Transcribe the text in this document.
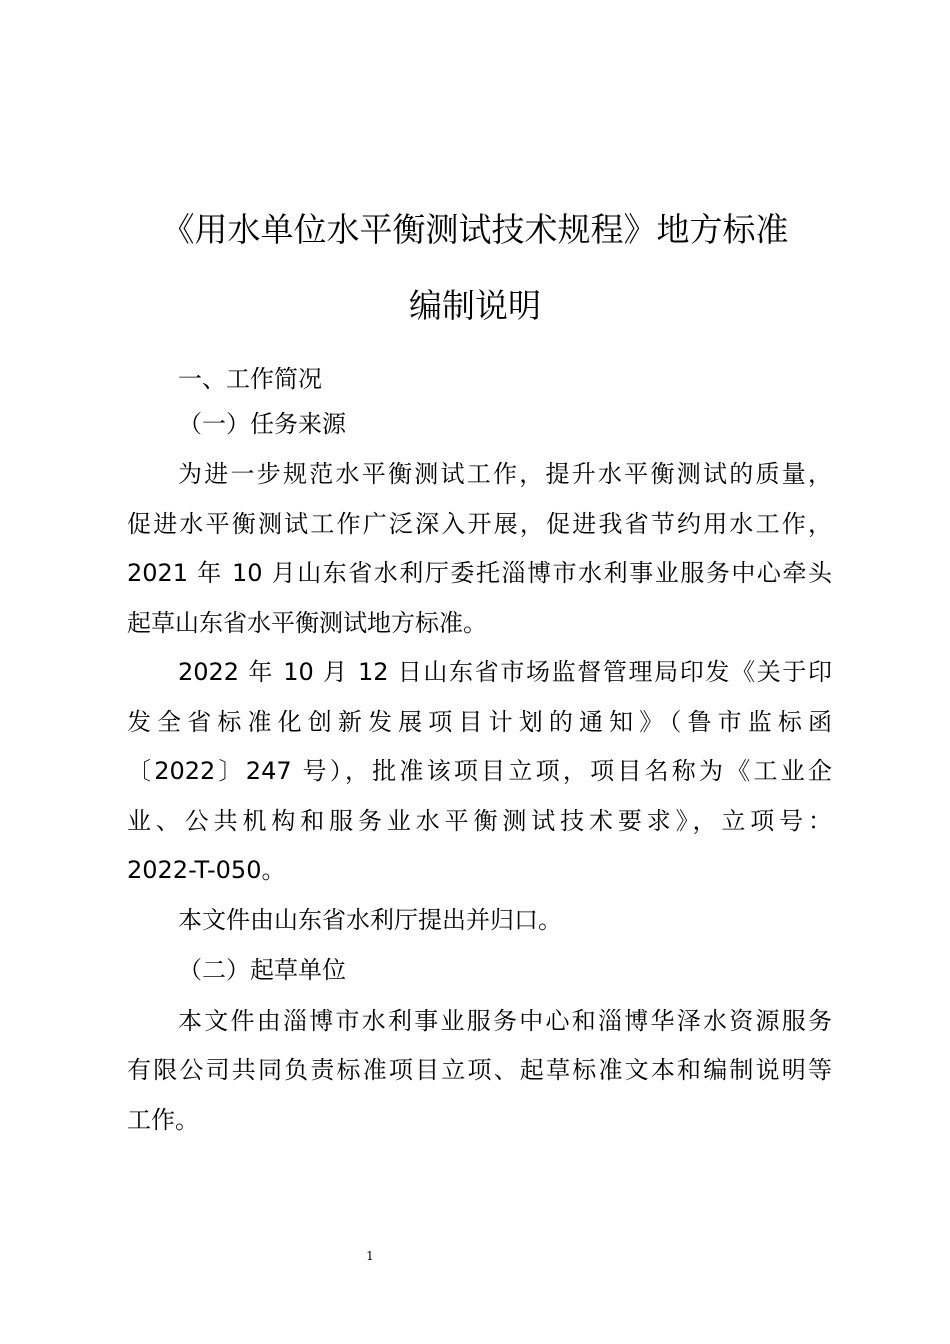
《用水单位水平衡测试技术规程》地方标准
编制说明
一、工作简况
（一）任务来源
为进一步规范水平衡测试工作，提升水平衡测试的质量，
促进水平衡测试工作广泛深入开展，促进我省节约用水工作，
2021 年 10 月山东省水利厅委托淄博市水利事业服务中心牵头
起草山东省水平衡测试地方标准。
2022 年 10 月 12 日山东省市场监督管理局印发《关于印
发全省标准化创新发展项目计划的通知》（鲁市监标函
〔2022〕247 号），批准该项目立项，项目名称为《工业企
业、公共机构和服务业水平衡测试技术要求》，立项号：
2022-T-050。
本文件由山东省水利厅提出并归口。
（二）起草单位
本文件由淄博市水利事业服务中心和淄博华泽水资源服务
有限公司共同负责标准项目立项、起草标准文本和编制说明等
工作。
1
